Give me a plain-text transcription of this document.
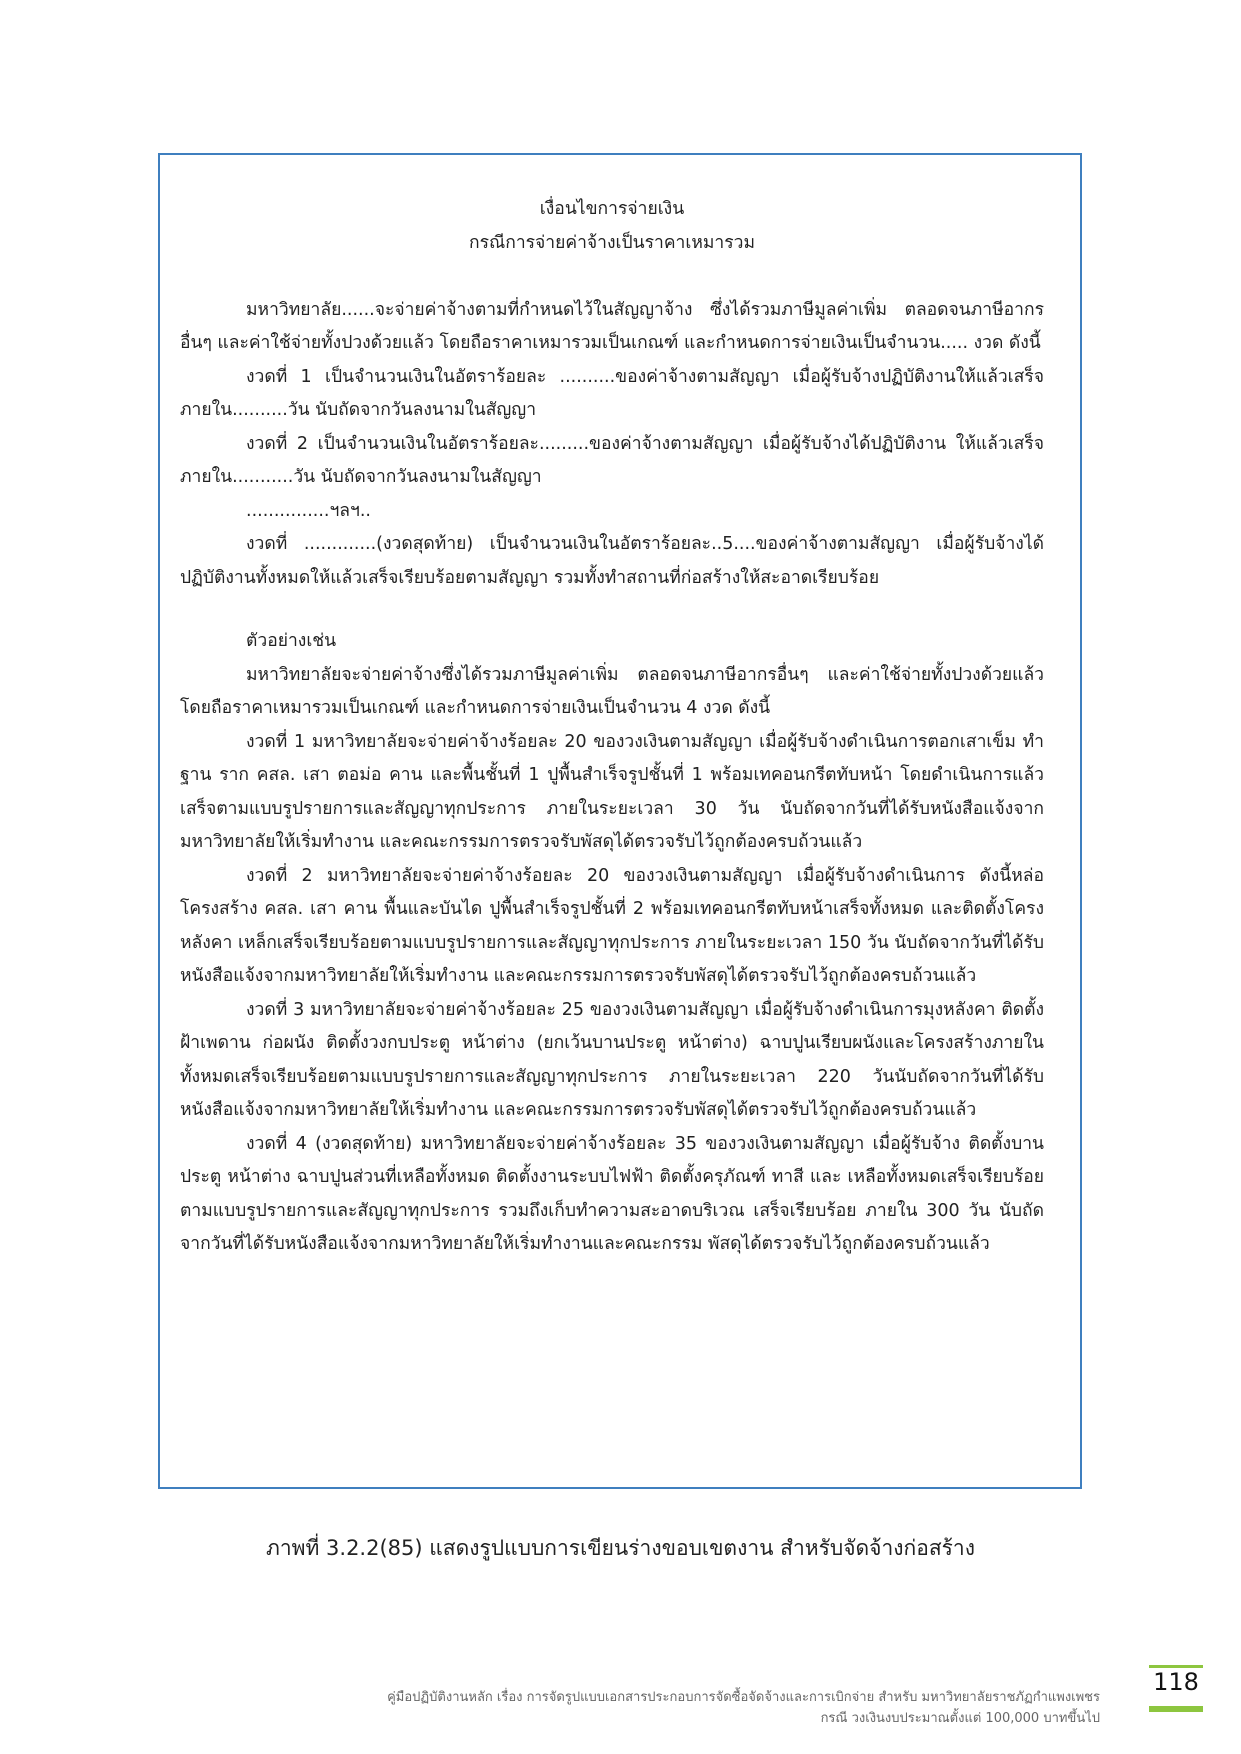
เงื่อนไขการจ่ายเงิน

กรณีการจ่ายค่าจ้างเป็นราคาเหมารวม

มหาวิทยาลัย......จะจ่ายค่าจ้างตามที่กำหนดไว้ในสัญญาจ้าง ซึ่งได้รวมภาษีมูลค่าเพิ่ม ตลอดจนภาษีอากรอื่นๆ และค่าใช้จ่ายทั้งปวงด้วยแล้ว โดยถือราคาเหมารวมเป็นเกณฑ์ และกำหนดการจ่ายเงินเป็นจำนวน..... งวด ดังนี้

งวดที่ 1 เป็นจำนวนเงินในอัตราร้อยละ ..........ของค่าจ้างตามสัญญา เมื่อผู้รับจ้างปฏิบัติงานให้แล้วเสร็จภายใน..........วัน นับถัดจากวันลงนามในสัญญา

งวดที่ 2 เป็นจำนวนเงินในอัตราร้อยละ.........ของค่าจ้างตามสัญญา เมื่อผู้รับจ้างได้ปฏิบัติงาน ให้แล้วเสร็จภายใน...........วัน นับถัดจากวันลงนามในสัญญา

...............ฯลฯ..

งวดที่ .............(งวดสุดท้าย) เป็นจำนวนเงินในอัตราร้อยละ..5....ของค่าจ้างตามสัญญา เมื่อผู้รับจ้างได้ปฏิบัติงานทั้งหมดให้แล้วเสร็จเรียบร้อยตามสัญญา รวมทั้งทำสถานที่ก่อสร้างให้สะอาดเรียบร้อย

ตัวอย่างเช่น

มหาวิทยาลัยจะจ่ายค่าจ้างซึ่งได้รวมภาษีมูลค่าเพิ่ม ตลอดจนภาษีอากรอื่นๆ และค่าใช้จ่ายทั้งปวงด้วยแล้ว โดยถือราคาเหมารวมเป็นเกณฑ์ และกำหนดการจ่ายเงินเป็นจำนวน 4 งวด ดังนี้

งวดที่ 1 มหาวิทยาลัยจะจ่ายค่าจ้างร้อยละ 20 ของวงเงินตามสัญญา เมื่อผู้รับจ้างดำเนินการตอกเสาเข็ม ทำฐาน ราก คสล. เสา ตอม่อ คาน และพื้นชั้นที่ 1 ปูพื้นสำเร็จรูปชั้นที่ 1 พร้อมเทคอนกรีตทับหน้า โดยดำเนินการแล้ว เสร็จตามแบบรูปรายการและสัญญาทุกประการ ภายในระยะเวลา 30 วัน นับถัดจากวันที่ได้รับหนังสือแจ้งจาก มหาวิทยาลัยให้เริ่มทำงาน และคณะกรรมการตรวจรับพัสดุได้ตรวจรับไว้ถูกต้องครบถ้วนแล้ว

งวดที่ 2 มหาวิทยาลัยจะจ่ายค่าจ้างร้อยละ 20 ของวงเงินตามสัญญา เมื่อผู้รับจ้างดำเนินการ ดังนี้หล่อโครงสร้าง คสล. เสา คาน พื้นและบันได ปูพื้นสำเร็จรูปชั้นที่ 2 พร้อมเทคอนกรีตทับหน้าเสร็จทั้งหมด และติดตั้งโครงหลังคา เหล็กเสร็จเรียบร้อยตามแบบรูปรายการและสัญญาทุกประการ ภายในระยะเวลา 150 วัน นับถัดจากวันที่ได้รับ หนังสือแจ้งจากมหาวิทยาลัยให้เริ่มทำงาน และคณะกรรมการตรวจรับพัสดุได้ตรวจรับไว้ถูกต้องครบถ้วนแล้ว

งวดที่ 3 มหาวิทยาลัยจะจ่ายค่าจ้างร้อยละ 25 ของวงเงินตามสัญญา เมื่อผู้รับจ้างดำเนินการมุงหลังคา ติดตั้งฝ้าเพดาน ก่อผนัง ติดตั้งวงกบประตู หน้าต่าง (ยกเว้นบานประตู หน้าต่าง) ฉาบปูนเรียบผนังและโครงสร้างภายใน ทั้งหมดเสร็จเรียบร้อยตามแบบรูปรายการและสัญญาทุกประการ ภายในระยะเวลา 220 วันนับถัดจากวันที่ได้รับหนังสือแจ้งจากมหาวิทยาลัยให้เริ่มทำงาน และคณะกรรมการตรวจรับพัสดุได้ตรวจรับไว้ถูกต้องครบถ้วนแล้ว

งวดที่ 4 (งวดสุดท้าย) มหาวิทยาลัยจะจ่ายค่าจ้างร้อยละ 35 ของวงเงินตามสัญญา เมื่อผู้รับจ้าง ติดตั้งบานประตู หน้าต่าง ฉาบปูนส่วนที่เหลือทั้งหมด ติดตั้งงานระบบไฟฟ้า ติดตั้งครุภัณฑ์ ทาสี และ เหลือทั้งหมดเสร็จเรียบร้อยตามแบบรูปรายการและสัญญาทุกประการ รวมถึงเก็บทำความสะอาดบริเวณ เสร็จเรียบร้อย ภายใน 300 วัน นับถัดจากวันที่ได้รับหนังสือแจ้งจากมหาวิทยาลัยให้เริ่มทำงานและคณะกรรม พัสดุได้ตรวจรับไว้ถูกต้องครบถ้วนแล้ว

ภาพที่ 3.2.2(85) แสดงรูปแบบการเขียนร่างขอบเขตงาน สำหรับจัดจ้างก่อสร้าง
คู่มือปฏิบัติงานหลัก เรื่อง การจัดรูปแบบเอกสารประกอบการจัดซื้อจัดจ้างและการเบิกจ่าย สำหรับ มหาวิทยาลัยราชภัฏกำแพงเพชร
กรณี วงเงินงบประมาณตั้งแต่ 100,000 บาทขึ้นไป
118
